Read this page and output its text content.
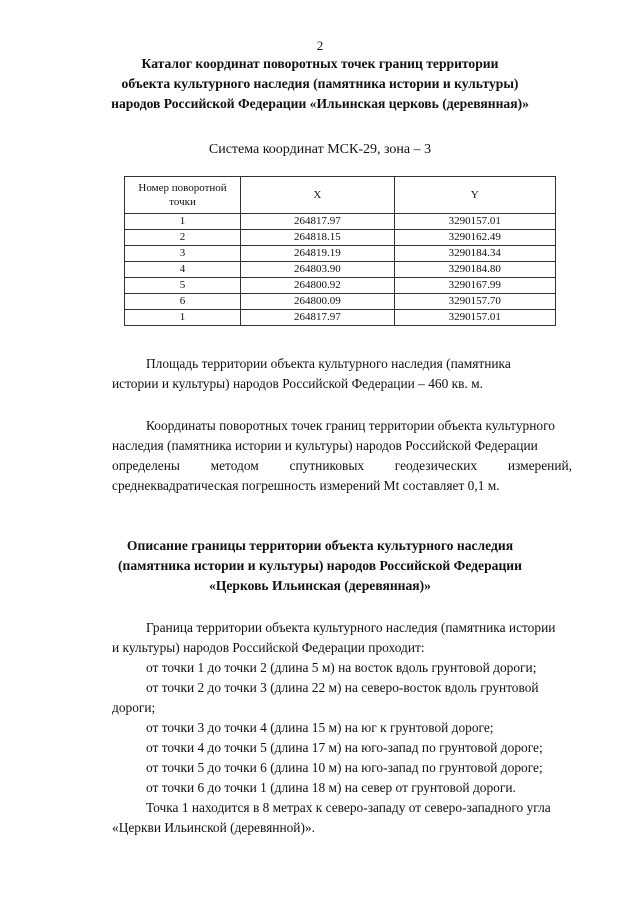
2
Каталог координат поворотных точек границ территории
объекта культурного наследия (памятника истории и культуры)
народов Российской Федерации «Ильинская церковь (деревянная)»
Система координат МСК-29, зона – 3
Номер поворотной точки	X	Y
1	264817.97	3290157.01
2	264818.15	3290162.49
3	264819.19	3290184.34
4	264803.90	3290184.80
5	264800.92	3290167.99
6	264800.09	3290157.70
1	264817.97	3290157.01
Площадь территории объекта культурного наследия (памятника
истории и культуры) народов Российской Федерации – 460 кв. м.
Координаты поворотных точек границ территории объекта культурного
наследия (памятника истории и культуры) народов Российской Федерации
определены методом спутниковых геодезических измерений,
среднеквадратическая погрешность измерений Mt составляет 0,1 м.
Описание границы территории объекта культурного наследия
(памятника истории и культуры) народов Российской Федерации
«Церковь Ильинская (деревянная)»
Граница территории объекта культурного наследия (памятника истории
и культуры) народов Российской Федерации проходит:
от точки 1 до точки 2 (длина 5 м) на восток вдоль грунтовой дороги;
от точки 2 до точки 3 (длина 22 м) на северо-восток вдоль грунтовой
дороги;
от точки 3 до точки 4 (длина 15 м) на юг к грунтовой дороге;
от точки 4 до точки 5 (длина 17 м) на юго-запад по грунтовой дороге;
от точки 5 до точки 6 (длина 10 м) на юго-запад по грунтовой дороге;
от точки 6 до точки 1 (длина 18 м) на север от грунтовой дороги.
Точка 1 находится в 8 метрах к северо-западу от северо-западного угла
«Церкви Ильинской (деревянной)».
